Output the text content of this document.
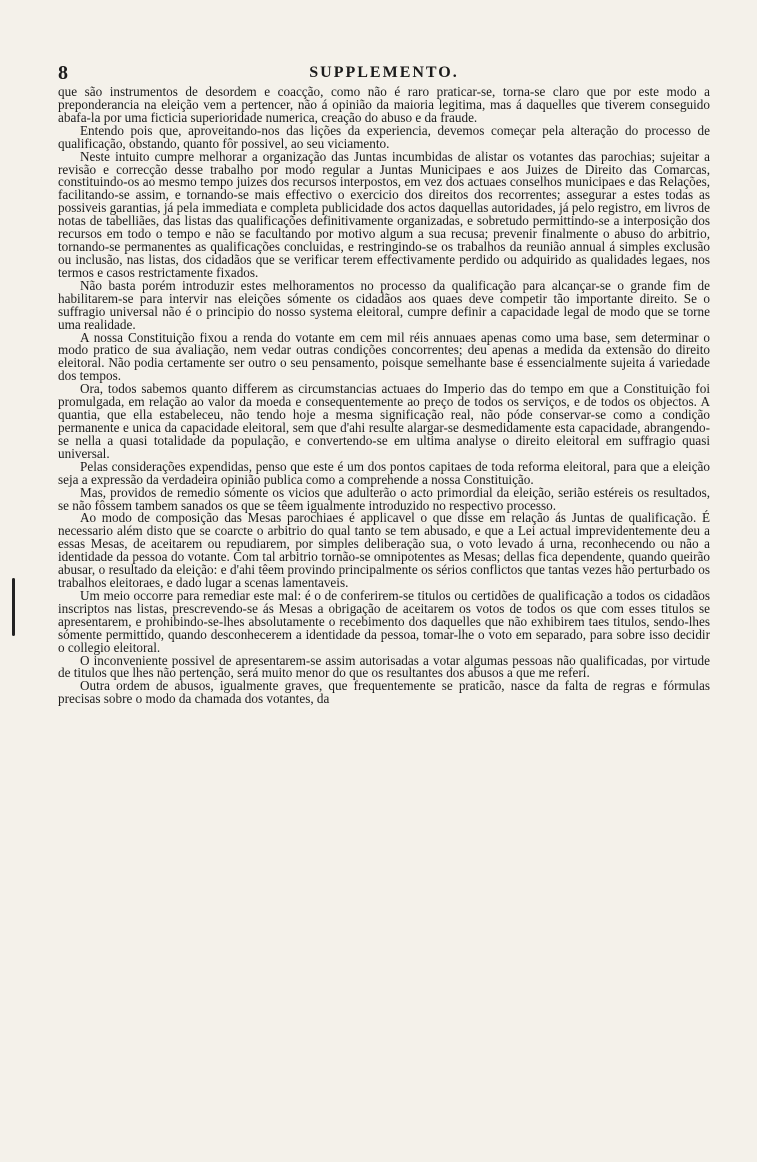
8	SUPPLEMENTO.

que são instrumentos de desordem e coacção, como não é raro praticar-se, torna-se claro que por este modo a preponderancia na eleição vem a pertencer, não á opinião da maioria legitima, mas á daquelles que tiverem conseguido abafa-la por uma ficticia superioridade numerica, creação do abuso e da fraude.

Entendo pois que, aproveitando-nos das lições da experiencia, devemos começar pela alteração do processo de qualificação, obstando, quanto fôr possivel, ao seu viciamento.

Neste intuito cumpre melhorar a organização das Juntas incumbidas de alistar os votantes das parochias; sujeitar a revisão e correcção desse trabalho por modo regular a Juntas Municipaes e aos Juizes de Direito das Comarcas, constituindo-os ao mesmo tempo juizes dos recursos interpostos, em vez dos actuaes conselhos municipaes e das Relações, facilitando-se assim, e tornando-se mais effectivo o exercicio dos direitos dos recorrentes; assegurar a estes todas as possiveis garantias, já pela immediata e completa publicidade dos actos daquellas autoridades, já pelo registro, em livros de notas de tabelliães, das listas das qualificações definitivamente organizadas, e sobretudo permittindo-se a interposição dos recursos em todo o tempo e não se facultando por motivo algum a sua recusa; prevenir finalmente o abuso do arbitrio, tornando-se permanentes as qualificações concluidas, e restringindo-se os trabalhos da reunião annual á simples exclusão ou inclusão, nas listas, dos cidadãos que se verificar terem effectivamente perdido ou adquirido as qualidades legaes, nos termos e casos restrictamente fixados.

Não basta porém introduzir estes melhoramentos no processo da qualificação para alcançar-se o grande fim de habilitarem-se para intervir nas eleições sómente os cidadãos aos quaes deve competir tão importante direito. Se o suffragio universal não é o principio do nosso systema eleitoral, cumpre definir a capacidade legal de modo que se torne uma realidade.

A nossa Constituição fixou a renda do votante em cem mil réis annuaes apenas como uma base, sem determinar o modo pratico de sua avaliação, nem vedar outras condições concorrentes; deu apenas a medida da extensão do direito eleitoral. Não podia certamente ser outro o seu pensamento, poisque semelhante base é essencialmente sujeita á variedade dos tempos.

Ora, todos sabemos quanto differem as circumstancias actuaes do Imperio das do tempo em que a Constituição foi promulgada, em relação ao valor da moeda e consequentemente ao preço de todos os serviços, e de todos os objectos. A quantia, que ella estabeleceu, não tendo hoje a mesma significação real, não póde conservar-se como a condição permanente e unica da capacidade eleitoral, sem que d'ahi resulte alargar-se desmedidamente esta capacidade, abrangendo-se nella a quasi totalidade da população, e convertendo-se em ultima analyse o direito eleitoral em suffragio quasi universal.

Pelas considerações expendidas, penso que este é um dos pontos capitaes de toda reforma eleitoral, para que a eleição seja a expressão da verdadeira opinião publica como a comprehende a nossa Constituição.

Mas, providos de remedio sómente os vicios que adulterão o acto primordial da eleição, serião estéreis os resultados, se não fôssem tambem sanados os que se têem igualmente introduzido no respectivo processo.

Ao modo de composição das Mesas parochiaes é applicavel o que disse em relação ás Juntas de qualificação. É necessario além disto que se coarcte o arbitrio do qual tanto se tem abusado, e que a Lei actual imprevidentemente deu a essas Mesas, de aceitarem ou repudiarem, por simples deliberação sua, o voto levado á urna, reconhecendo ou não a identidade da pessoa do votante. Com tal arbitrio tornão-se omnipotentes as Mesas; dellas fica dependente, quando queirão abusar, o resultado da eleição: e d'ahi têem provindo principalmente os sérios conflictos que tantas vezes hão perturbado os trabalhos eleitoraes, e dado lugar a scenas lamentaveis.

Um meio occorre para remediar este mal: é o de conferirem-se titulos ou certidões de qualificação a todos os cidadãos inscriptos nas listas, prescrevendo-se ás Mesas a obrigação de aceitarem os votos de todos os que com esses titulos se apresentarem, e prohibindo-se-lhes absolutamente o recebimento dos daquelles que não exhibirem taes titulos, sendo-lhes sómente permittido, quando desconhecerem a identidade da pessoa, tomar-lhe o voto em separado, para sobre isso decidir o collegio eleitoral.

O inconveniente possivel de apresentarem-se assim autorisadas a votar algumas pessoas não qualificadas, por virtude de titulos que lhes não pertenção, será muito menor do que os resultantes dos abusos a que me referi.

Outra ordem de abusos, igualmente graves, que frequentemente se praticão, nasce da falta de regras e fórmulas precisas sobre o modo da chamada dos votantes, da
